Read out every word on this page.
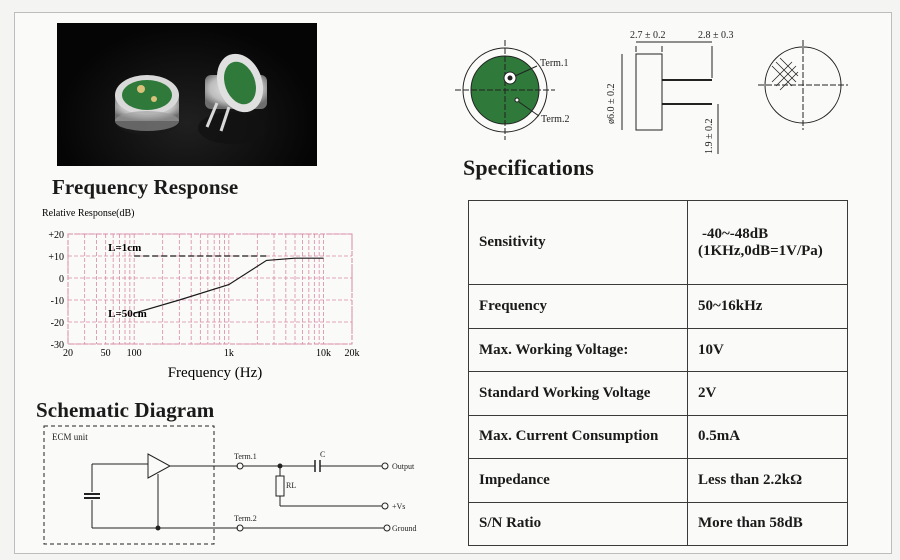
Frequency Response
Relative Response(dB)
+20
+10
0
-10
-20
-30
20	50 100	1k	10k 20k
L=1cm
L=50cm
Frequency (Hz)
Schematic Diagram
ECM unit
Term.1
Term.2
C
Output
RL
+Vs
Ground
Term.1
Term.2
2.7 ± 0.2	2.8 ± 0.3
ø6.0 ± 0.2
1.9 ± 0.2
Specifications
Sensitivity	-40~-48dB
(1KHz,0dB=1V/Pa)

Frequency	50~16kHz
Max. Working Voltage:	10V
Standard Working Voltage	2V
Max. Current Consumption	0.5mA
Impedance	Less than 2.2kΩ
S/N Ratio	More than 58dB
